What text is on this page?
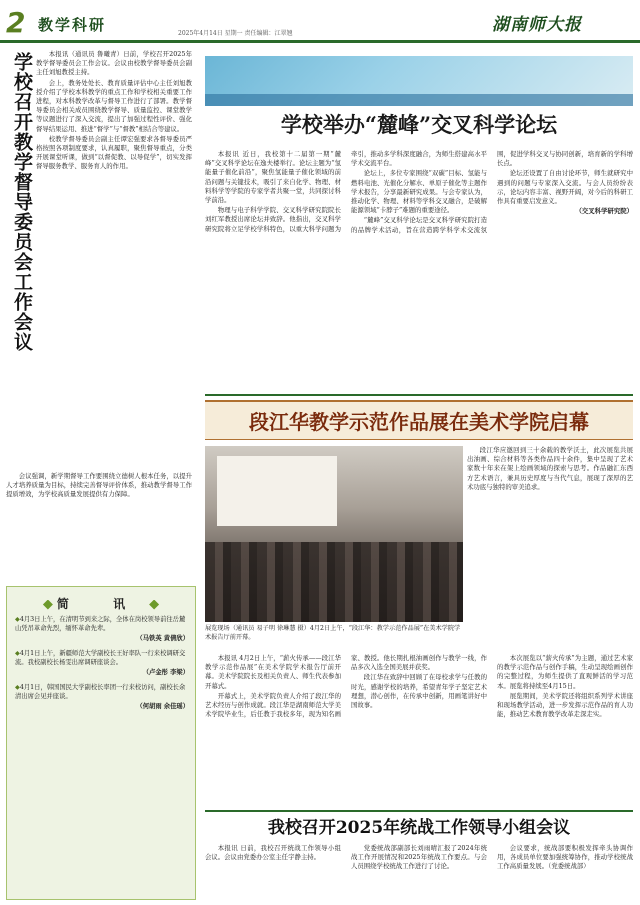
2 教学科研	2025年4月14日 星期一 责任编辑：江翠翘	湖南师大报
学校召开教学督导委员会工作会议	本报讯（通讯员 鲁曦青）日前，学校召开2025年教学督导委员会工作会议。会议由校教学督导委员会副主任刘旭教授主持。

会上，教务处处长、教育质量评估中心主任刘旭教授介绍了学校本科教学的重点工作和学校相关重要工作进程，对本科教学改革与督导工作进行了部署。教学督导委员会相关成员围绕教学督导、质量监控、课堂教学等议题进行了深入交流，提出了加强过程性评价、强化督导结果运用、推进“督学”与“督教”相结合等建议。

校教学督导委员会副主任谭宏强要求各督导委员严格按照各项制度要求，认真履职，聚焦督导重点，分类开展课堂听课，做到“以督促教、以导促学”，切实发挥督导服务教学、服务育人的作用。

会议强调，新学期督导工作要围绕立德树人根本任务，以提升人才培养质量为目标，持续完善督导评价体系，推动教学督导工作提质增效，为学校高质量发展提供有力保障。

简 讯
◆4月3日上午，在清明节到来之际，全体在岗校领导前往岳麓山凭吊革命先烈，缅怀革命先辈。
（马铁英 黄倩欣）
◆4月1日上午，新疆师范大学副校长王好率队一行来校调研交流。我校副校长杨雯出席调研座谈会。
（卢金彤 李梁）
◆4月1日，韩国国民大学副校长率团一行来校访问，副校长余清出席会见并座谈。
（何胡雨 余佳瑶）
学校举办“麓峰”交叉科学论坛

本报讯 近日，我校第十二届第一期“麓峰”交叉科学论坛在逸夫楼举行。论坛主题为“氢能量子催化前沿”，聚焦氢能量子催化领域的前沿问题与关键技术，吸引了来自化学、物理、材料科学等学院的专家学者共聚一堂，共同探讨科学前沿。

物理与电子科学学院、交叉科学研究院院长刘红军教授出席论坛并致辞。他指出，交叉科学研究院将立足学校学科特色，以重大科学问题为牵引，推动多学科深度融合，为师生搭建高水平学术交流平台。

论坛上，多位专家围绕“双碳”目标、氢能与燃料电池、光催化分解水、单原子催化等主题作学术报告，分享最新研究成果。与会专家认为，推动化学、物理、材料等学科交叉融合，是破解能源领域“卡脖子”难题的重要途径。

“麓峰”交叉科学论坛是交叉科学研究院打造的品牌学术活动，旨在营造跨学科学术交流氛围，促进学科交叉与协同创新，培育新的学科增长点。

论坛还设置了自由讨论环节，师生就研究中遇到的问题与专家深入交流。与会人员纷纷表示，论坛内容丰富、视野开阔，对今后的科研工作具有重要启发意义。

（交叉科学研究院）

段江华教学示范作品展在美术学院启幕

段江华应邀回到三十余载的教学沃土，此次展览共展出油画、综合材料等各类作品四十余件，集中呈现了艺术家数十年来在架上绘画领域的探索与思考。作品融汇东西方艺术语言，兼具历史厚度与当代气息，展现了深厚的艺术功底与独特的审美追求。

展览现场（通讯员 易子明 徐琳慧 摄）4月2日上午，“段江华：教学示范作品展”在美术学院学术报告厅前开幕。

本报讯 4月2日上午，“薪火传承——段江华教学示范作品展”在美术学院学术报告厅前开幕。美术学院院长及相关负责人、师生代表参加开幕式。

开幕式上，美术学院负责人介绍了段江华的艺术经历与创作成就。段江华是湖南师范大学美术学院毕业生，后任教于我校多年，现为知名画家、教授。他长期扎根油画创作与教学一线，作品多次入选全国美展并获奖。

段江华在致辞中回顾了在母校求学与任教的时光，感谢学校的培养，希望青年学子坚定艺术理想，潜心创作，在传承中创新，用画笔讲好中国故事。

本次展览以“薪火传承”为主题，通过艺术家的教学示范作品与创作手稿，生动呈现绘画创作的完整过程，为师生提供了直观鲜活的学习范本。展览将持续至4月15日。

展览期间，美术学院还将组织系列学术讲座和现场教学活动，进一步发挥示范作品的育人功能，推动艺术教育教学改革走深走实。

我校召开2025年统战工作领导小组会议

本报讯 日前，我校召开统战工作领导小组会议。会议由党委办公室主任宇静主持。

党委统战部副部长刘雨晴汇报了2024年统战工作开展情况和2025年统战工作要点。与会人员围绕学校统战工作进行了讨论。

会议要求，统战部要积极发挥牵头协调作用，各成员单位要加强统筹协作，推动学校统战工作高质量发展。（党委统战部）
